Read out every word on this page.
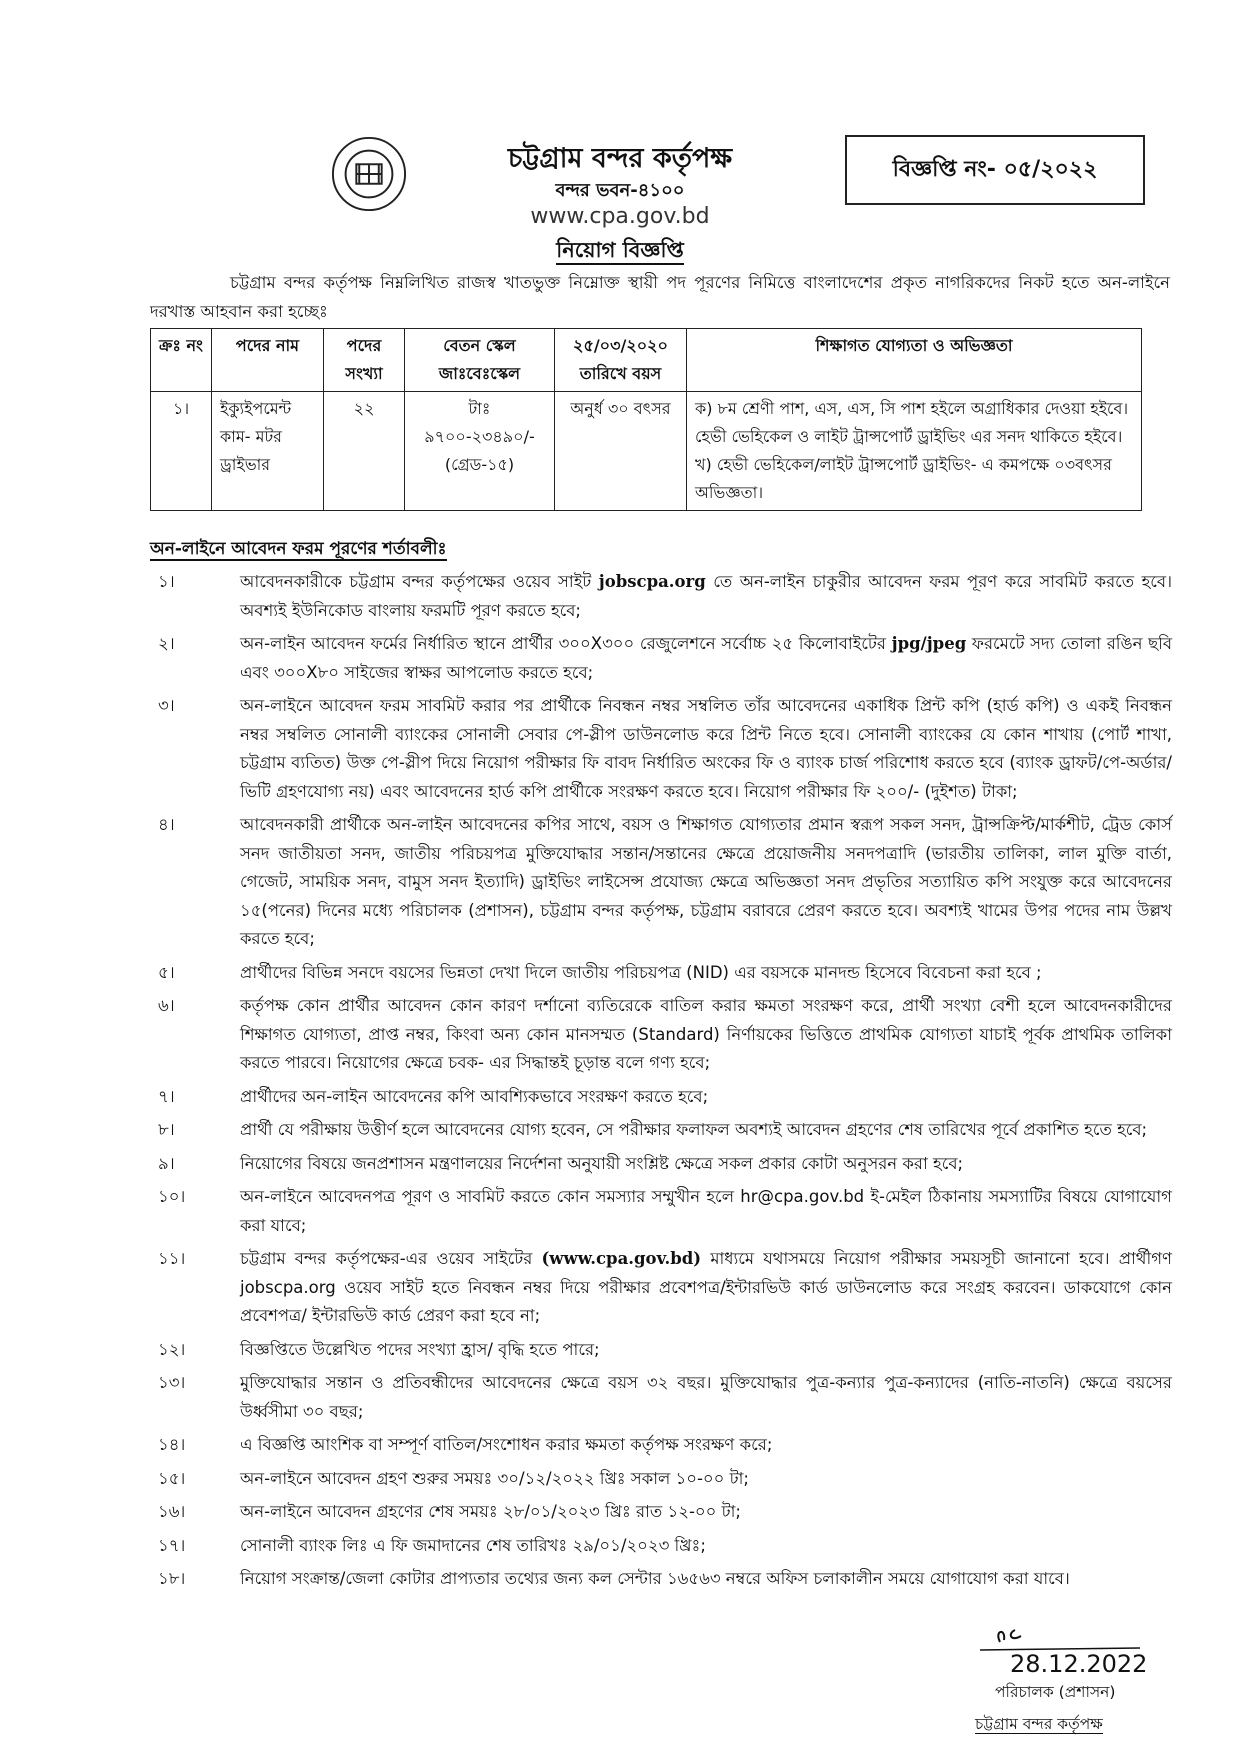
চট্টগ্রাম বন্দর কর্তৃপক্ষ
বন্দর ভবন-৪১০০
www.cpa.gov.bd
নিয়োগ বিজ্ঞপ্তি
বিজ্ঞপ্তি নং- ০৫/২০২২
চট্টগ্রাম বন্দর কর্তৃপক্ষ নিম্নলিখিত রাজস্ব খাতভুক্ত নিম্নোক্ত স্থায়ী পদ পূরণের নিমিত্তে বাংলাদেশের প্রকৃত নাগরিকদের নিকট হতে অন-লাইনে দরখাস্ত আহবান করা হচ্ছেঃ
ক্রঃ নং	পদের নাম	পদের সংখ্যা	বেতন স্কেল জাঃবেঃস্কেল	২৫/০৩/২০২০ তারিখে বয়স	শিক্ষাগত যোগ্যতা ও অভিজ্ঞতা
১।	ইক্যুইপমেন্ট কাম- মটর ড্রাইভার	২২	টাঃ ৯৭০০-২৩৪৯০/- (গ্রেড-১৫)	অনুর্ধ ৩০ বৎসর	ক) ৮ম শ্রেণী পাশ, এস, এস, সি পাশ হইলে অগ্রাধিকার দেওয়া হইবে। হেভী ভেহিকেল ও লাইট ট্রান্সপোর্ট ড্রাইভিং এর সনদ থাকিতে হইবে।
খ) হেভী ভেহিকেল/লাইট ট্রান্সপোর্ট ড্রাইভিং- এ কমপক্ষে ০৩বৎসর অভিজ্ঞতা।
অন-লাইনে আবেদন ফরম পূরণের শর্তাবলীঃ
১।	আবেদনকারীকে চট্টগ্রাম বন্দর কর্তৃপক্ষের ওয়েব সাইট jobscpa.org তে অন-লাইন চাকুরীর আবেদন ফরম পূরণ করে সাবমিট করতে হবে। অবশ্যই ইউনিকোড বাংলায় ফরমটি পূরণ করতে হবে;
২।	অন-লাইন আবেদন ফর্মের নির্ধারিত স্থানে প্রার্থীর ৩০০X৩০০ রেজুলেশনে সর্বোচ্চ ২৫ কিলোবাইটের jpg/jpeg ফরমেটে সদ্য তোলা রঙিন ছবি এবং ৩০০X৮০ সাইজের স্বাক্ষর আপলোড করতে হবে;
৩।	অন-লাইনে আবেদন ফরম সাবমিট করার পর প্রার্থীকে নিবন্ধন নম্বর সম্বলিত তাঁর আবেদনের একাধিক প্রিন্ট কপি (হার্ড কপি) ও একই নিবন্ধন নম্বর সম্বলিত সোনালী ব্যাংকের সোনালী সেবার পে-স্লীপ ডাউনলোড করে প্রিন্ট নিতে হবে। সোনালী ব্যাংকের যে কোন শাখায় (পোর্ট শাখা, চট্টগ্রাম ব্যতিত) উক্ত পে-স্লীপ দিয়ে নিয়োগ পরীক্ষার ফি বাবদ নির্ধারিত অংকের ফি ও ব্যাংক চার্জ পরিশোধ করতে হবে (ব্যাংক ড্রাফট/পে-অর্ডার/ভিটি গ্রহণযোগ্য নয়) এবং আবেদনের হার্ড কপি প্রার্থীকে সংরক্ষণ করতে হবে। নিয়োগ পরীক্ষার ফি ২০০/- (দুইশত) টাকা;
৪।	আবেদনকারী প্রার্থীকে অন-লাইন আবেদনের কপির সাথে, বয়স ও শিক্ষাগত যোগ্যতার প্রমান স্বরূপ সকল সনদ, ট্রান্সক্রিপ্ট/মার্কশীট, ট্রেড কোর্স সনদ জাতীয়তা সনদ, জাতীয় পরিচয়পত্র মুক্তিযোদ্ধার সন্তান/সন্তানের ক্ষেত্রে প্রয়োজনীয় সনদপত্রাদি (ভারতীয় তালিকা, লাল মুক্তি বার্তা, গেজেট, সাময়িক সনদ, বামুস সনদ ইত্যাদি) ড্রাইভিং লাইসেন্স প্রযোজ্য ক্ষেত্রে অভিজ্ঞতা সনদ প্রভৃতির সত্যায়িত কপি সংযুক্ত করে আবেদনের ১৫(পনের) দিনের মধ্যে পরিচালক (প্রশাসন), চট্টগ্রাম বন্দর কর্তৃপক্ষ, চট্টগ্রাম বরাবরে প্রেরণ করতে হবে। অবশ্যই খামের উপর পদের নাম উল্লখ করতে হবে;
৫।	প্রার্থীদের বিভিন্ন সনদে বয়সের ভিন্নতা দেখা দিলে জাতীয় পরিচয়পত্র (NID) এর বয়সকে মানদন্ড হিসেবে বিবেচনা করা হবে ;
৬।	কর্তৃপক্ষ কোন প্রার্থীর আবেদন কোন কারণ দর্শানো ব্যতিরেকে বাতিল করার ক্ষমতা সংরক্ষণ করে, প্রার্থী সংখ্যা বেশী হলে আবেদনকারীদের শিক্ষাগত যোগ্যতা, প্রাপ্ত নম্বর, কিংবা অন্য কোন মানসম্মত (Standard) নির্ণায়কের ভিত্তিতে প্রাথমিক যোগ্যতা যাচাই পূর্বক প্রাথমিক তালিকা করতে পারবে। নিয়োগের ক্ষেত্রে চবক- এর সিদ্ধান্তই চূড়ান্ত বলে গণ্য হবে;
৭।	প্রার্থীদের অন-লাইন আবেদনের কপি আবশ্যিকভাবে সংরক্ষণ করতে হবে;
৮।	প্রার্থী যে পরীক্ষায় উত্তীর্ণ হলে আবেদনের যোগ্য হবেন, সে পরীক্ষার ফলাফল অবশ্যই আবেদন গ্রহণের শেষ তারিখের পূর্বে প্রকাশিত হতে হবে;
৯।	নিয়োগের বিষয়ে জনপ্রশাসন মন্ত্রণালয়ের নির্দেশনা অনুযায়ী সংশ্লিষ্ট ক্ষেত্রে সকল প্রকার কোটা অনুসরন করা হবে;
১০।	অন-লাইনে আবেদনপত্র পূরণ ও সাবমিট করতে কোন সমস্যার সম্মুখীন হলে hr@cpa.gov.bd ই-মেইল ঠিকানায় সমস্যাটির বিষয়ে যোগাযোগ করা যাবে;
১১।	চট্টগ্রাম বন্দর কর্তৃপক্ষের-এর ওয়েব সাইটের (www.cpa.gov.bd) মাধ্যমে যথাসময়ে নিয়োগ পরীক্ষার সময়সূচী জানানো হবে। প্রার্থীগণ jobscpa.org ওয়েব সাইট হতে নিবন্ধন নম্বর দিয়ে পরীক্ষার প্রবেশপত্র/ইন্টারভিউ কার্ড ডাউনলোড করে সংগ্রহ করবেন। ডাকযোগে কোন প্রবেশপত্র/ ইন্টারভিউ কার্ড প্রেরণ করা হবে না;
১২।	বিজ্ঞপ্তিতে উল্লেখিত পদের সংখ্যা হ্রাস/ বৃদ্ধি হতে পারে;
১৩।	মুক্তিযোদ্ধার সন্তান ও প্রতিবন্ধীদের আবেদনের ক্ষেত্রে বয়স ৩২ বছর। মুক্তিযোদ্ধার পুত্র-কন্যার পুত্র-কন্যাদের (নাতি-নাতনি) ক্ষেত্রে বয়সের উর্ধ্বসীমা ৩০ বছর;
১৪।	এ বিজ্ঞপ্তি আংশিক বা সম্পূর্ণ বাতিল/সংশোধন করার ক্ষমতা কর্তৃপক্ষ সংরক্ষণ করে;
১৫।	অন-লাইনে আবেদন গ্রহণ শুরুর সময়ঃ ৩০/১২/২০২২ খ্রিঃ সকাল ১০-০০ টা;
১৬।	অন-লাইনে আবেদন গ্রহণের শেষ সময়ঃ ২৮/০১/২০২৩ খ্রিঃ রাত ১২-০০ টা;
১৭।	সোনালী ব্যাংক লিঃ এ ফি জমাদানের শেষ তারিখঃ ২৯/০১/২০২৩ খ্রিঃ;
১৮।	নিয়োগ সংক্রান্ত/জেলা কোটার প্রাপ্যতার তথ্যের জন্য কল সেন্টার ১৬৫৬৩ নম্বরে অফিস চলাকালীন সময়ে যোগাযোগ করা যাবে।
28.12.2022
পরিচালক (প্রশাসন)
চট্টগ্রাম বন্দর কর্তৃপক্ষ
